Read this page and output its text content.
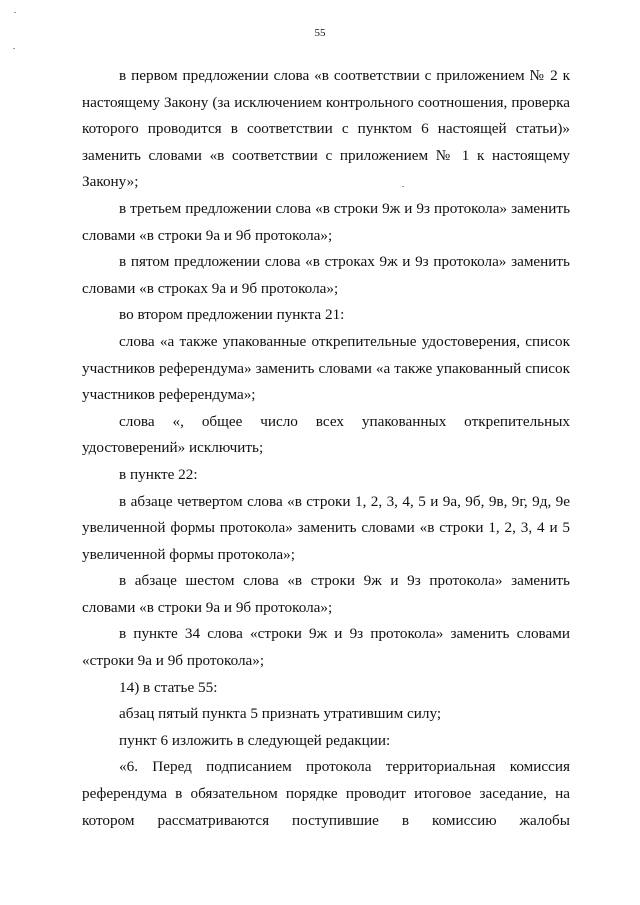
55

в первом предложении слова «в соответствии с приложением № 2 к настоящему Закону (за исключением контрольного соотношения, проверка которого проводится в соответствии с пунктом 6 настоящей статьи)» заменить словами «в соответствии с приложением № 1 к настоящему Закону»;

в третьем предложении слова «в строки 9ж и 9з протокола» заменить словами «в строки 9а и 9б протокола»;

в пятом предложении слова «в строках 9ж и 9з протокола» заменить словами «в строках 9а и 9б протокола»;

во втором предложении пункта 21:

слова «а также упакованные открепительные удостоверения, список участников референдума» заменить словами «а также упакованный список участников референдума»;

слова «, общее число всех упакованных открепительных удостоверений» исключить;

в пункте 22:

в абзаце четвертом слова «в строки 1, 2, 3, 4, 5 и 9а, 9б, 9в, 9г, 9д, 9е увеличенной формы протокола» заменить словами «в строки 1, 2, 3, 4 и 5 увеличенной формы протокола»;

в абзаце шестом слова «в строки 9ж и 9з протокола» заменить словами «в строки 9а и 9б протокола»;

в пункте 34 слова «строки 9ж и 9з протокола» заменить словами «строки 9а и 9б протокола»;

14) в статье 55:

абзац пятый пункта 5 признать утратившим силу;

пункт 6 изложить в следующей редакции:

«6. Перед подписанием протокола территориальная комиссия референдума в обязательном порядке проводит итоговое заседание, на котором рассматриваются поступившие в комиссию жалобы
